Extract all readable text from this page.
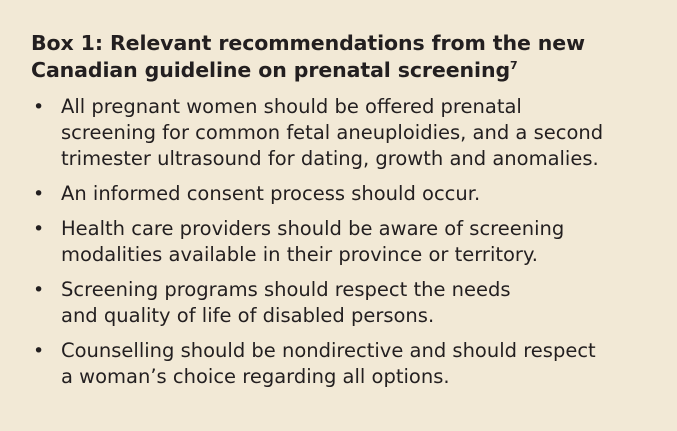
Box 1: Relevant recommendations from the new
Canadian guideline on prenatal screening$^7$
• All pregnant women should be offered prenatal
screening for common fetal aneuploidies, and a second
trimester ultrasound for dating, growth and anomalies.
• An informed consent process should occur.
• Health care providers should be aware of screening
modalities available in their province or territory.
• Screening programs should respect the needs
and quality of life of disabled persons.
• Counselling should be nondirective and should respect
a woman’s choice regarding all options.
